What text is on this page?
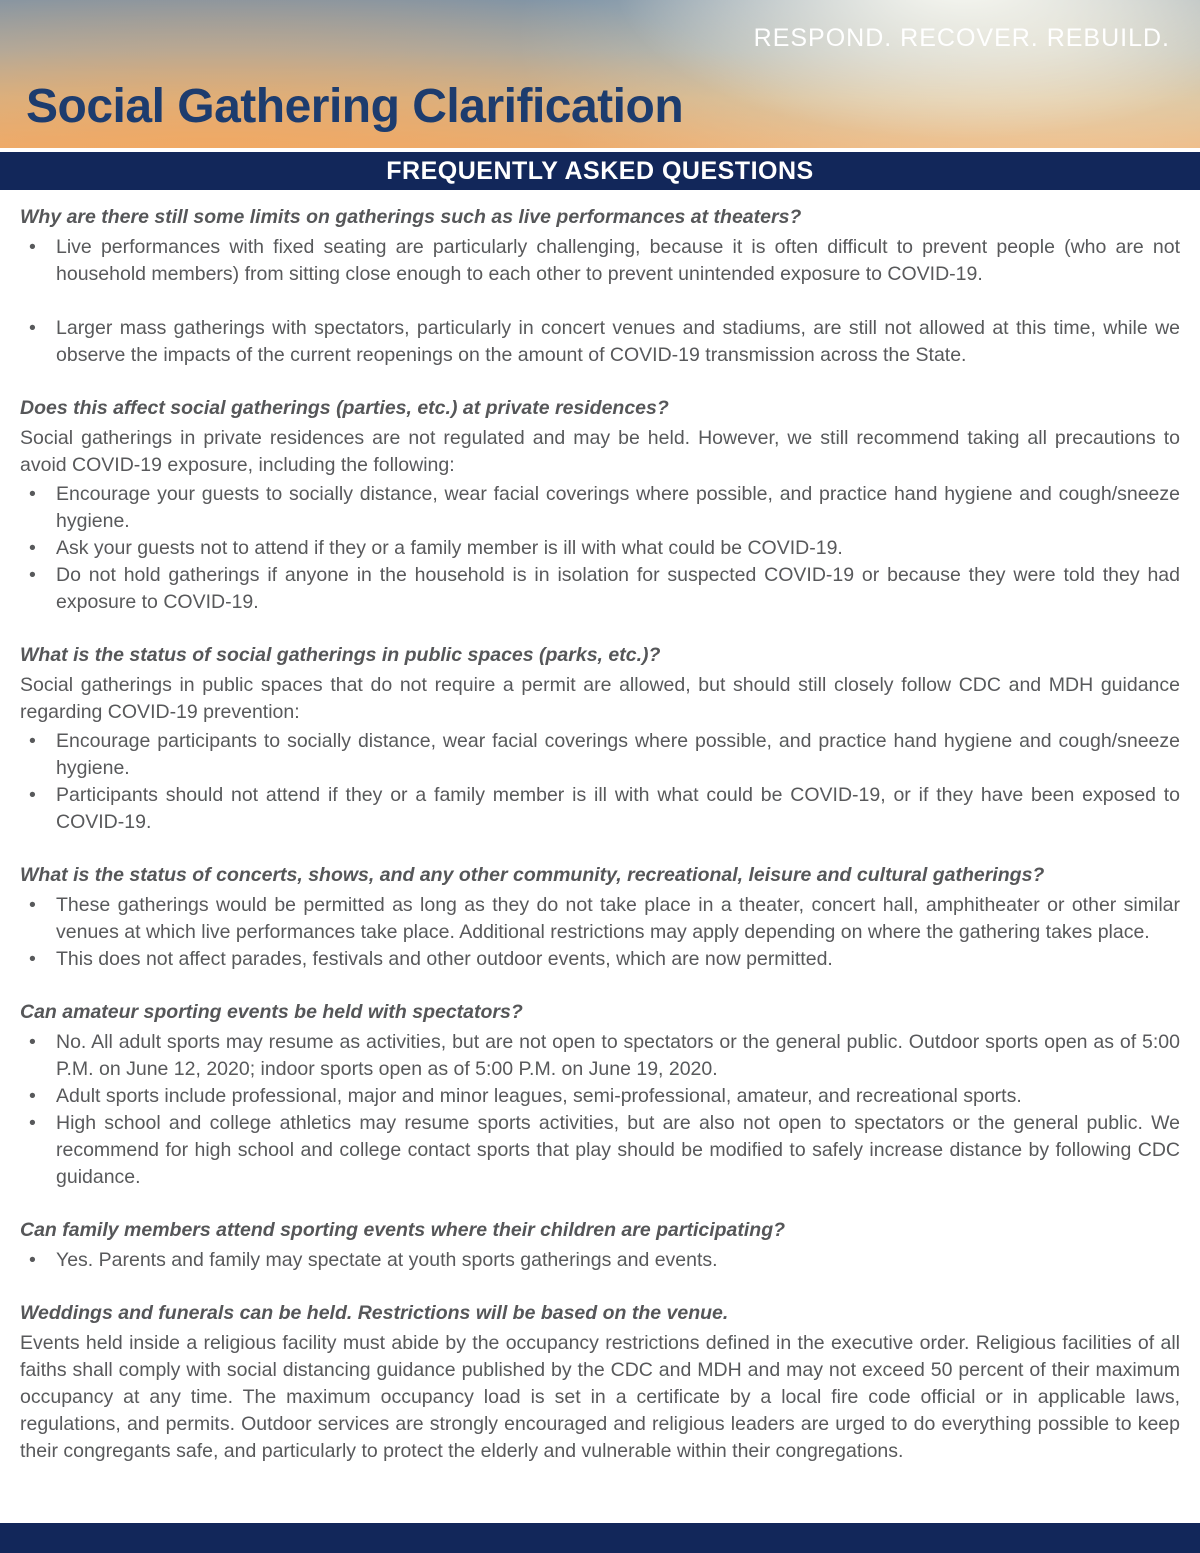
RESPOND. RECOVER. REBUILD.
Social Gathering Clarification
FREQUENTLY ASKED QUESTIONS
Why are there still some limits on gatherings such as live performances at theaters?
• Live performances with fixed seating are particularly challenging, because it is often difficult to prevent people (who are not household members) from sitting close enough to each other to prevent unintended exposure to COVID-19.
• Larger mass gatherings with spectators, particularly in concert venues and stadiums, are still not allowed at this time, while we observe the impacts of the current reopenings on the amount of COVID-19 transmission across the State.
Does this affect social gatherings (parties, etc.) at private residences?

Social gatherings in private residences are not regulated and may be held. However, we still recommend taking all precautions to avoid COVID-19 exposure, including the following:

• Encourage your guests to socially distance, wear facial coverings where possible, and practice hand hygiene and cough/sneeze hygiene.
• Ask your guests not to attend if they or a family member is ill with what could be COVID-19.
• Do not hold gatherings if anyone in the household is in isolation for suspected COVID-19 or because they were told they had exposure to COVID-19.
What is the status of social gatherings in public spaces (parks, etc.)?

Social gatherings in public spaces that do not require a permit are allowed, but should still closely follow CDC and MDH guidance regarding COVID-19 prevention:

• Encourage participants to socially distance, wear facial coverings where possible, and practice hand hygiene and cough/sneeze hygiene.
• Participants should not attend if they or a family member is ill with what could be COVID-19, or if they have been exposed to COVID-19.
What is the status of concerts, shows, and any other community, recreational, leisure and cultural gatherings?
• These gatherings would be permitted as long as they do not take place in a theater, concert hall, amphitheater or other similar venues at which live performances take place. Additional restrictions may apply depending on where the gathering takes place.
• This does not affect parades, festivals and other outdoor events, which are now permitted.
Can amateur sporting events be held with spectators?
• No. All adult sports may resume as activities, but are not open to spectators or the general public. Outdoor sports open as of 5:00 P.M. on June 12, 2020; indoor sports open as of 5:00 P.M. on June 19, 2020.
• Adult sports include professional, major and minor leagues, semi-professional, amateur, and recreational sports.
• High school and college athletics may resume sports activities, but are also not open to spectators or the general public. We recommend for high school and college contact sports that play should be modified to safely increase distance by following CDC guidance.
Can family members attend sporting events where their children are participating?
• Yes. Parents and family may spectate at youth sports gatherings and events.
Weddings and funerals can be held. Restrictions will be based on the venue.

Events held inside a religious facility must abide by the occupancy restrictions defined in the executive order. Religious facilities of all faiths shall comply with social distancing guidance published by the CDC and MDH and may not exceed 50 percent of their maximum occupancy at any time. The maximum occupancy load is set in a certificate by a local fire code official or in applicable laws, regulations, and permits. Outdoor services are strongly encouraged and religious leaders are urged to do everything possible to keep their congregants safe, and particularly to protect the elderly and vulnerable within their congregations.
